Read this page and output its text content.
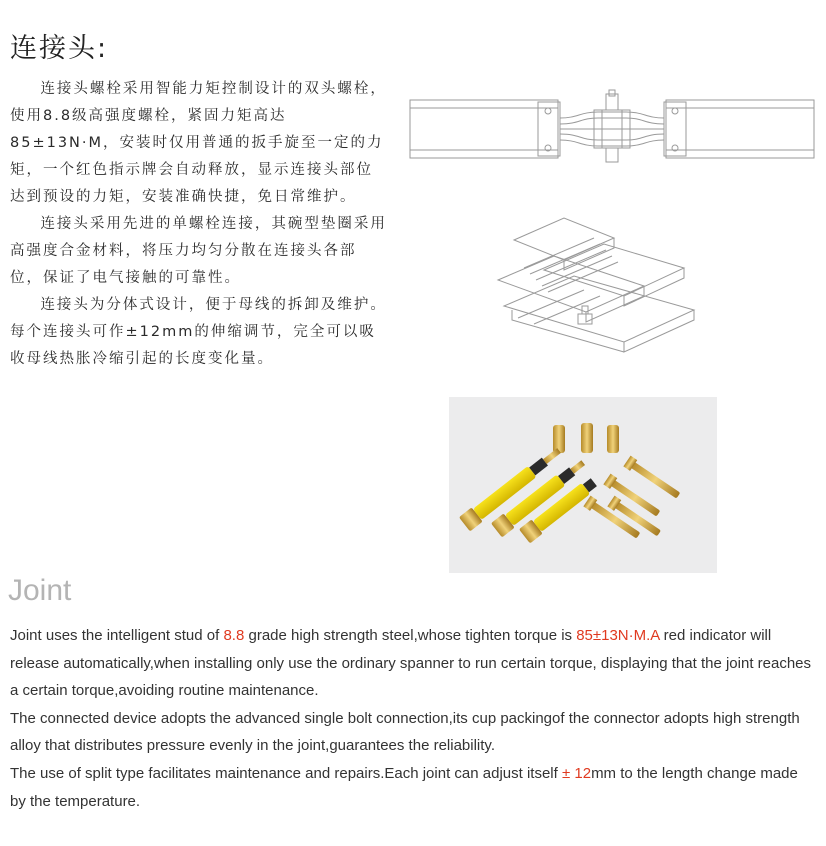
连接头:

连接头螺栓采用智能力矩控制设计的双头螺栓，使用8.8级高强度螺栓，紧固力矩高达85±13N·M，安装时仅用普通的扳手旋至一定的力矩，一个红色指示牌会自动释放，显示连接头部位达到预设的力矩，安装准确快捷，免日常维护。

连接头采用先进的单螺栓连接，其碗型垫圈采用高强度合金材料，将压力均匀分散在连接头各部位，保证了电气接触的可靠性。

连接头为分体式设计，便于母线的拆卸及维护。每个连接头可作±12mm的伸缩调节，完全可以吸收母线热胀冷缩引起的长度变化量。

Joint

Joint uses the intelligent stud of 8.8 grade high strength steel,whose tighten torque is 85±13N·M.A red indicator will release automatically,when installing only use the ordinary spanner to run certain torque, displaying that the joint reaches a certain torque,avoiding routine maintenance.

The connected device adopts the advanced single bolt connection,its cup packingof the connector adopts high strength alloy that distributes pressure evenly in the joint,guarantees the reliability.

The use of split type facilitates maintenance and repairs.Each joint can adjust itself ± 12mm to the length change made by the temperature.
